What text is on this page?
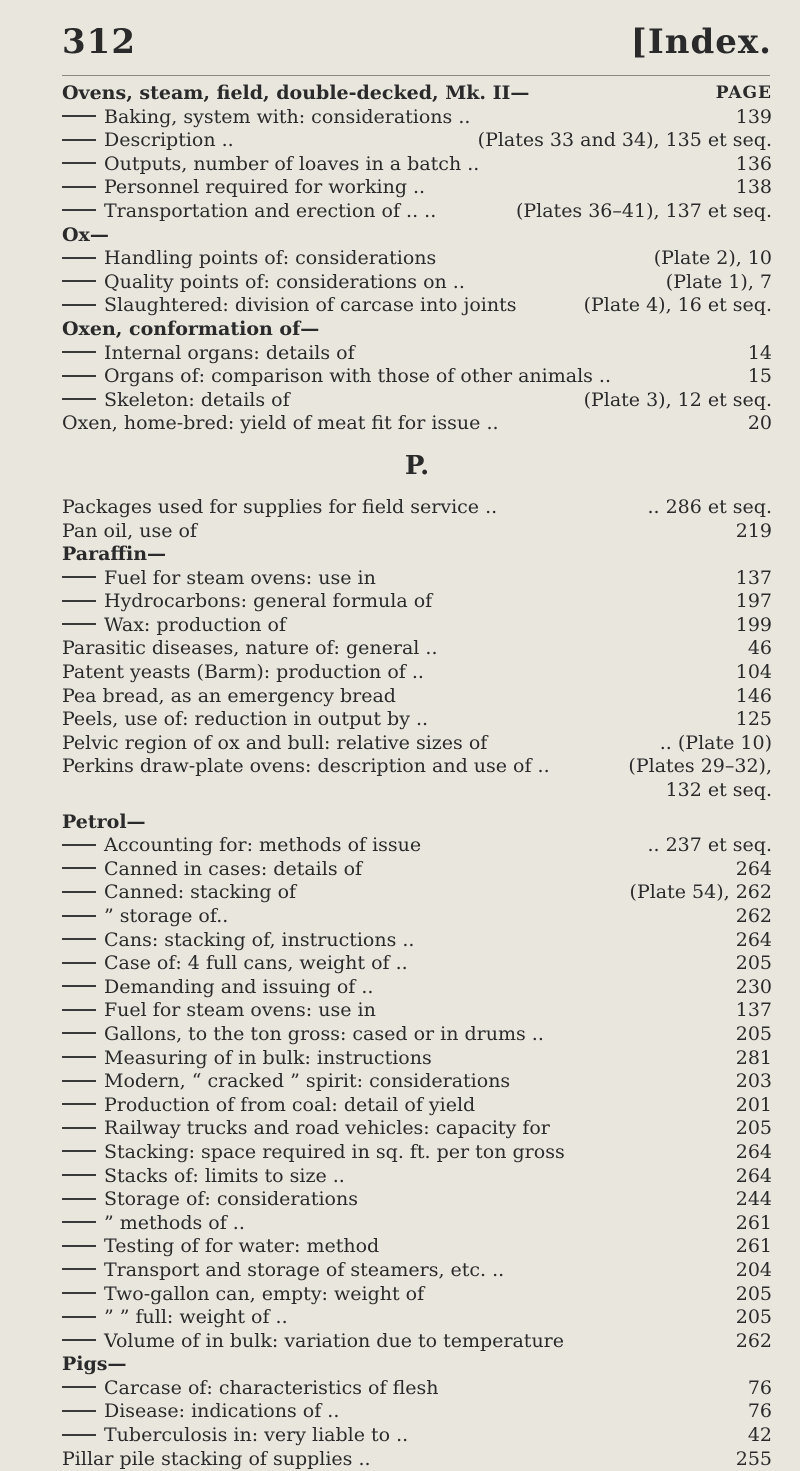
312	[Index.
Ovens, steam, field, double-decked, Mk. II—	PAGE
Baking, system with: considerations ..	139
Description ..	(Plates 33 and 34), 135 et seq.
Outputs, number of loaves in a batch ..	136
Personnel required for working ..	138
Transportation and erection of .. ..	(Plates 36–41), 137 et seq.
Ox—
Handling points of: considerations	(Plate 2), 10
Quality points of: considerations on ..	(Plate 1), 7
Slaughtered: division of carcase into joints	(Plate 4), 16 et seq.
Oxen, conformation of—
Internal organs: details of	14
Organs of: comparison with those of other animals ..	15
Skeleton: details of	(Plate 3), 12 et seq.
Oxen, home-bred: yield of meat fit for issue ..	20
P.
Packages used for supplies for field service ..	.. 286 et seq.
Pan oil, use of	219
Paraffin—
Fuel for steam ovens: use in	137
Hydrocarbons: general formula of	197
Wax: production of	199
Parasitic diseases, nature of: general ..	46
Patent yeasts (Barm): production of ..	104
Pea bread, as an emergency bread	146
Peels, use of: reduction in output by ..	125
Pelvic region of ox and bull: relative sizes of	.. (Plate 10)
Perkins draw-plate ovens: description and use of ..	(Plates 29–32),
132 et seq.
Petrol—
Accounting for: methods of issue	.. 237 et seq.
Canned in cases: details of	264
Canned: stacking of	(Plate 54), 262
” storage of..	262
Cans: stacking of, instructions ..	264
Case of: 4 full cans, weight of ..	205
Demanding and issuing of ..	230
Fuel for steam ovens: use in	137
Gallons, to the ton gross: cased or in drums ..	205
Measuring of in bulk: instructions	281
Modern, “ cracked ” spirit: considerations	203
Production of from coal: detail of yield	201
Railway trucks and road vehicles: capacity for	205
Stacking: space required in sq. ft. per ton gross	264
Stacks of: limits to size ..	264
Storage of: considerations	244
” methods of ..	261
Testing of for water: method	261
Transport and storage of steamers, etc. ..	204
Two-gallon can, empty: weight of	205
” ” full: weight of ..	205
Volume of in bulk: variation due to temperature	262
Pigs—
Carcase of: characteristics of flesh	76
Disease: indications of ..	76
Tuberculosis in: very liable to ..	42
Pillar pile stacking of supplies ..	255
